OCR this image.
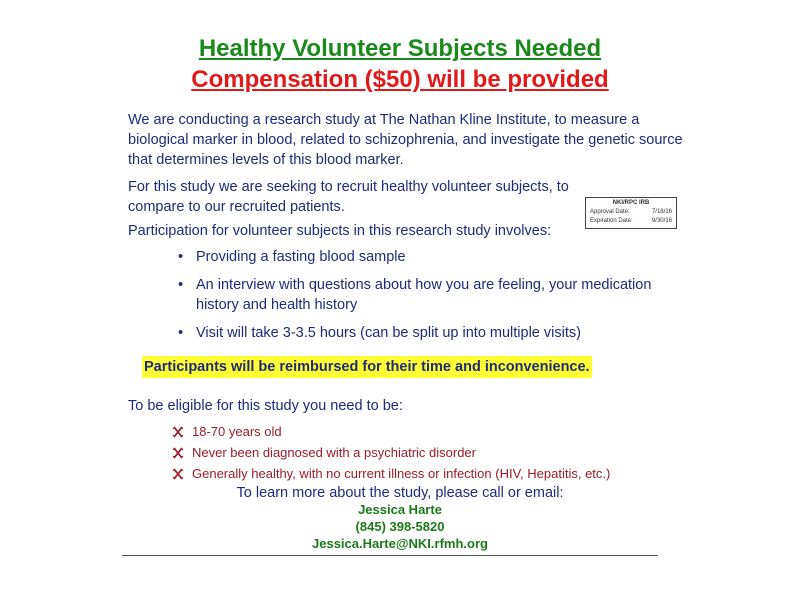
Healthy Volunteer Subjects Needed
Compensation ($50) will be provided

We are conducting a research study at The Nathan Kline Institute, to measure a biological marker in blood, related to schizophrenia, and investigate the genetic source that determines levels of this blood marker.

For this study we are seeking to recruit healthy volunteer subjects, to compare to our recruited patients.	NKI/RPC IRB
Approval Date:	7/18/16
Expiration Date:	9/30/16

Participation for volunteer subjects in this research study involves:

• Providing a fasting blood sample
• An interview with questions about how you are feeling, your medication history and health history
• Visit will take 3-3.5 hours (can be split up into multiple visits)
Participants will be reimbursed for their time and inconvenience.
To be eligible for this study you need to be:
18-70 years old
Never been diagnosed with a psychiatric disorder
Generally healthy, with no current illness or infection (HIV, Hepatitis, etc.)
To learn more about the study, please call or email:
Jessica Harte
(845) 398-5820
Jessica.Harte@NKI.rfmh.org
